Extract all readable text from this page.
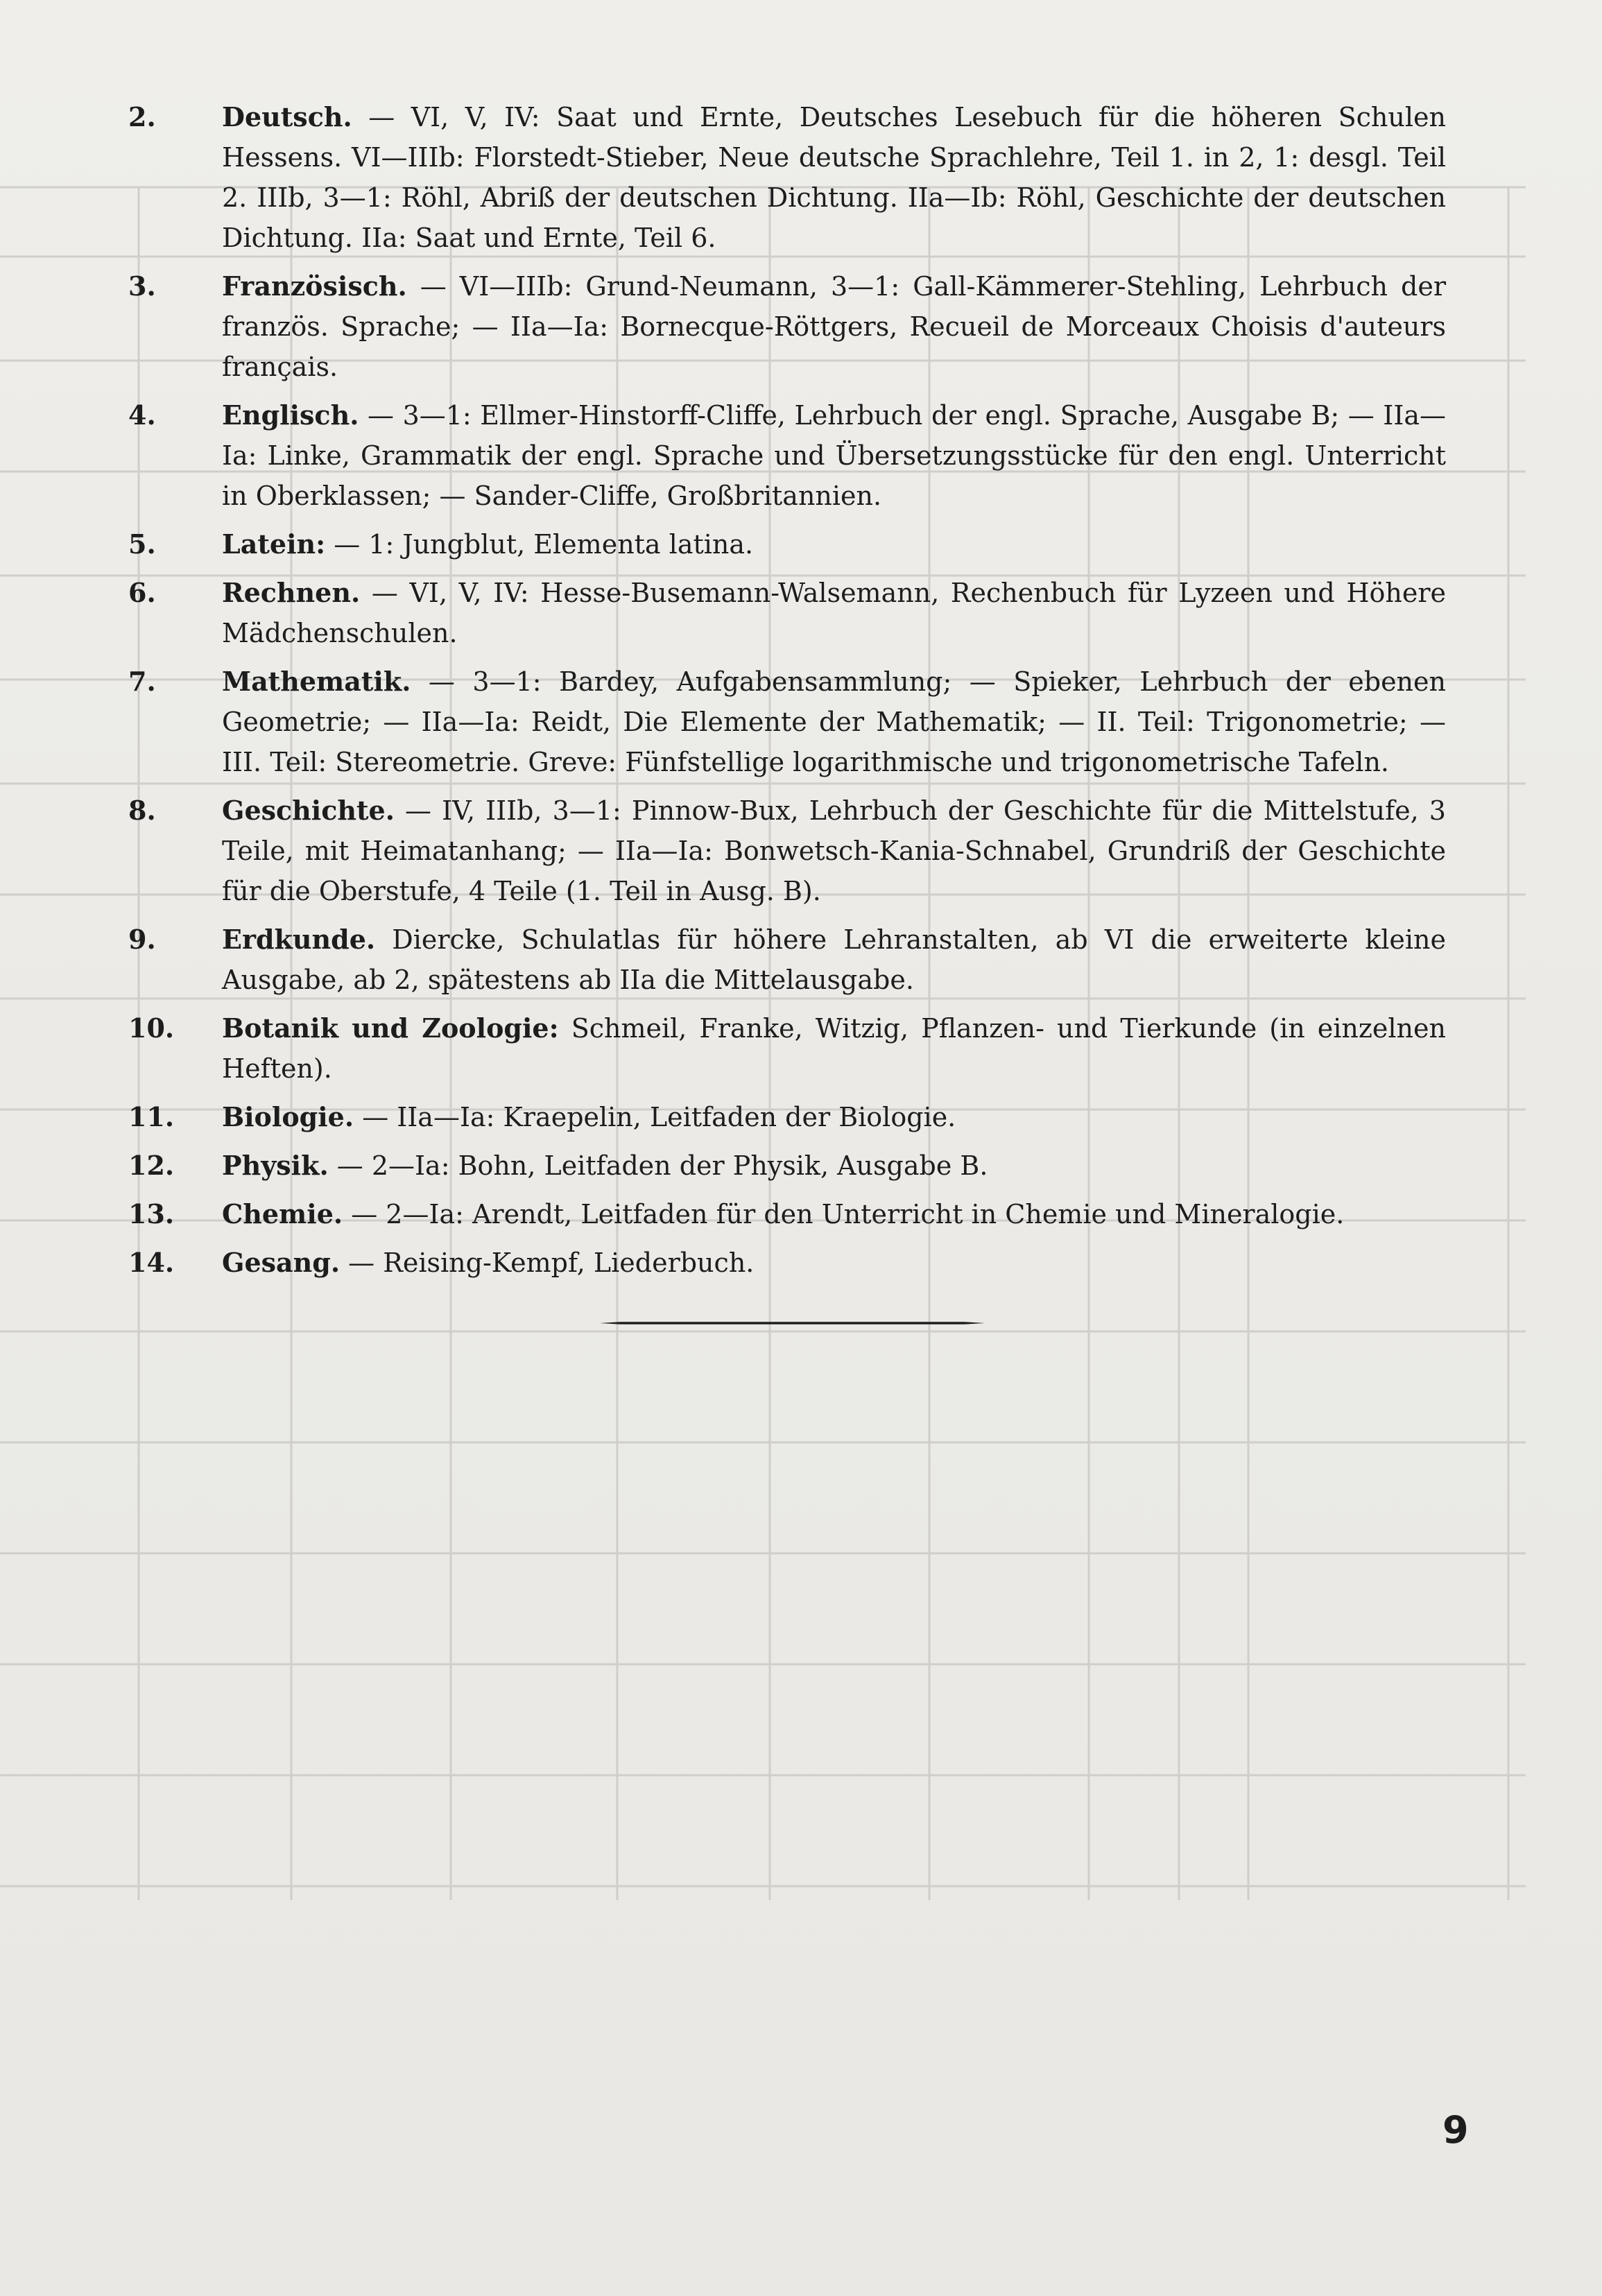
2.	Deutsch. — VI, V, IV: Saat und Ernte, Deutsches Lesebuch für die höheren Schulen Hessens. VI—IIIb: Florstedt-Stieber, Neue deutsche Sprachlehre, Teil 1. in 2, 1: desgl. Teil 2. IIIb, 3—1: Röhl, Abriß der deutschen Dichtung. IIa—Ib: Röhl, Geschichte der deutschen Dichtung. IIa: Saat und Ernte, Teil 6.
3.	Französisch. — VI—IIIb: Grund-Neumann, 3—1: Gall-Kämmerer-Stehling, Lehrbuch der französ. Sprache; — IIa—Ia: Bornecque-Röttgers, Recueil de Morceaux Choisis d'auteurs français.
4.	Englisch. — 3—1: Ellmer-Hinstorff-Cliffe, Lehrbuch der engl. Sprache, Ausgabe B; — IIa—Ia: Linke, Grammatik der engl. Sprache und Übersetzungsstücke für den engl. Unterricht in Oberklassen; — Sander-Cliffe, Großbritannien.
5.	Latein: — 1: Jungblut, Elementa latina.
6.	Rechnen. — VI, V, IV: Hesse-Busemann-Walsemann, Rechenbuch für Lyzeen und Höhere Mädchenschulen.
7.	Mathematik. — 3—1: Bardey, Aufgabensammlung; — Spieker, Lehrbuch der ebenen Geometrie; — IIa—Ia: Reidt, Die Elemente der Mathematik; — II. Teil: Trigonometrie; — III. Teil: Stereometrie. Greve: Fünfstellige logarithmische und trigonometrische Tafeln.
8.	Geschichte. — IV, IIIb, 3—1: Pinnow-Bux, Lehrbuch der Geschichte für die Mittelstufe, 3 Teile, mit Heimatanhang; — IIa—Ia: Bonwetsch-Kania-Schnabel, Grundriß der Geschichte für die Oberstufe, 4 Teile (1. Teil in Ausg. B).
9.	Erdkunde. Diercke, Schulatlas für höhere Lehranstalten, ab VI die erweiterte kleine Ausgabe, ab 2, spätestens ab IIa die Mittelausgabe.
10. Botanik und Zoologie: Schmeil, Franke, Witzig, Pflanzen- und Tierkunde (in einzelnen Heften).
11. Biologie. — IIa—Ia: Kraepelin, Leitfaden der Biologie.
12. Physik. — 2—Ia: Bohn, Leitfaden der Physik, Ausgabe B.
13. Chemie. — 2—Ia: Arendt, Leitfaden für den Unterricht in Chemie und Mineralogie.
14. Gesang. — Reising-Kempf, Liederbuch.
9
